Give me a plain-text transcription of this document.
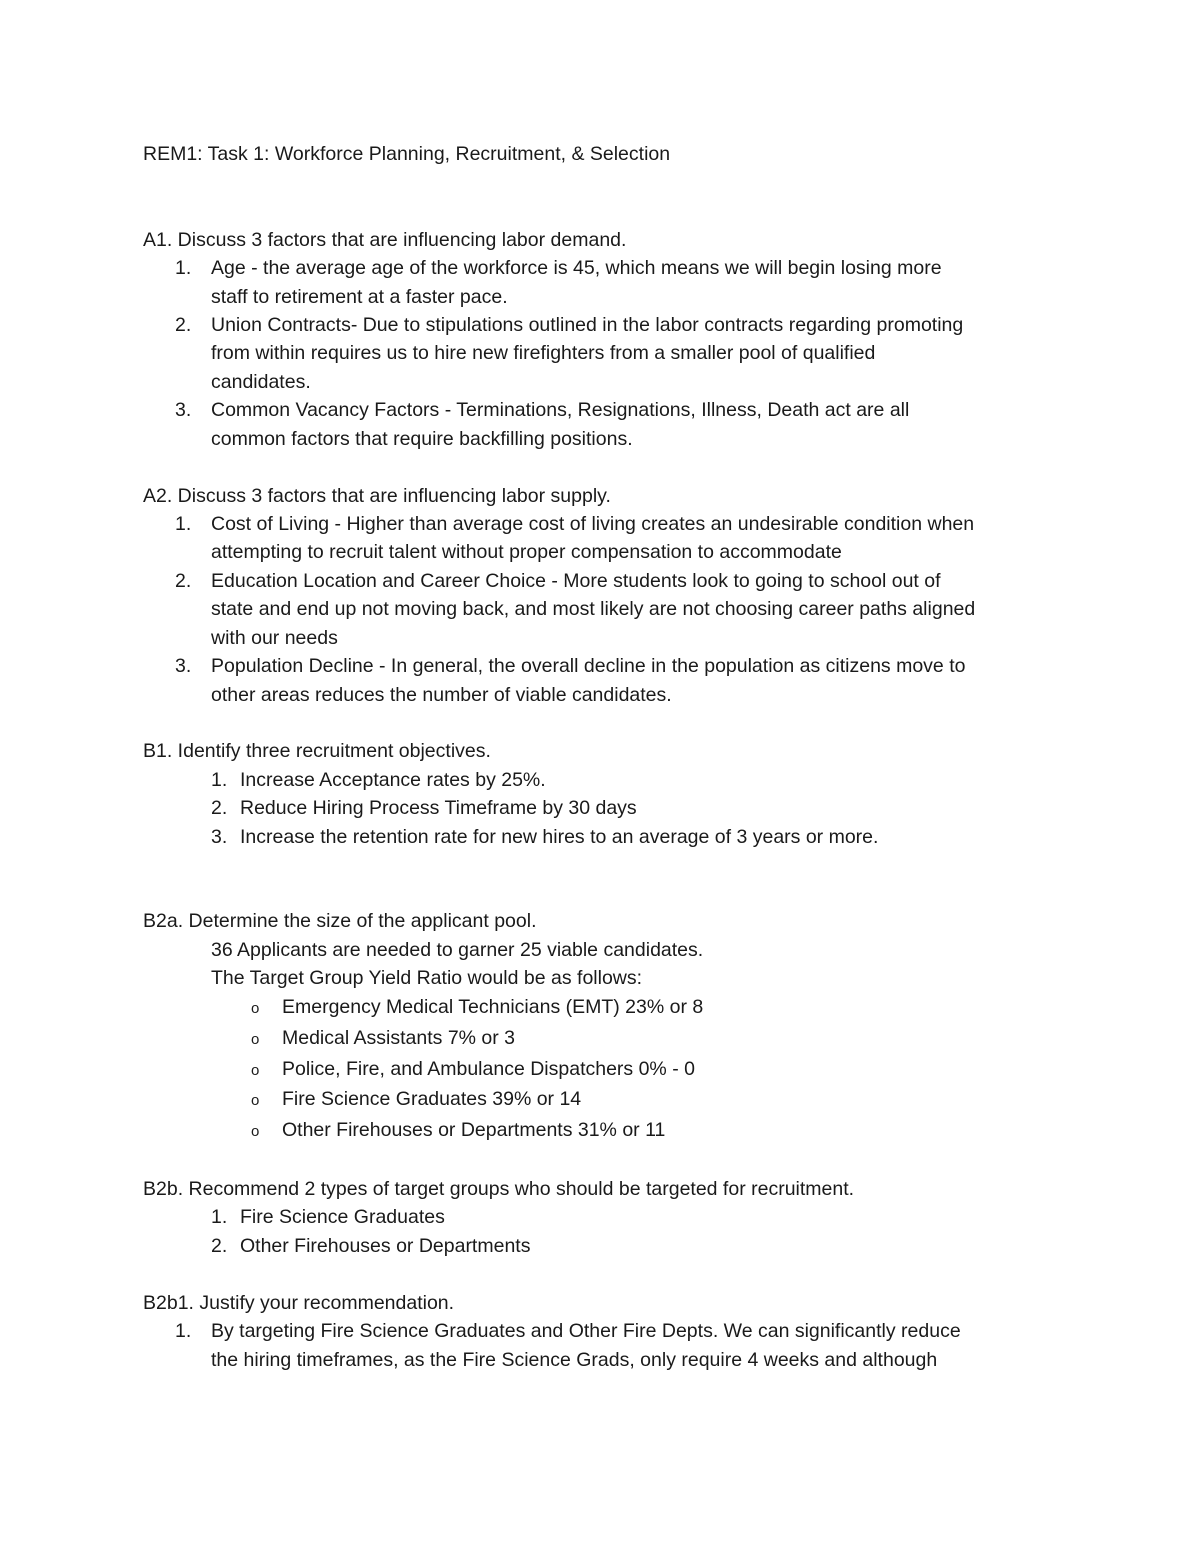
REM1: Task 1: Workforce Planning, Recruitment, & Selection
A1. Discuss 3 factors that are influencing labor demand.
1. Age - the average age of the workforce is 45, which means we will begin losing more
staff to retirement at a faster pace.
2. Union Contracts- Due to stipulations outlined in the labor contracts regarding promoting
from within requires us to hire new firefighters from a smaller pool of qualified
candidates.
3. Common Vacancy Factors - Terminations, Resignations, Illness, Death act are all
common factors that require backfilling positions.
A2. Discuss 3 factors that are influencing labor supply.
1. Cost of Living - Higher than average cost of living creates an undesirable condition when
attempting to recruit talent without proper compensation to accommodate
2. Education Location and Career Choice - More students look to going to school out of
state and end up not moving back, and most likely are not choosing career paths aligned
with our needs
3. Population Decline - In general, the overall decline in the population as citizens move to
other areas reduces the number of viable candidates.
B1. Identify three recruitment objectives.
1. Increase Acceptance rates by 25%.
2. Reduce Hiring Process Timeframe by 30 days
3. Increase the retention rate for new hires to an average of 3 years or more.
B2a. Determine the size of the applicant pool.
36 Applicants are needed to garner 25 viable candidates.
The Target Group Yield Ratio would be as follows:
o Emergency Medical Technicians (EMT) 23% or 8
o Medical Assistants 7% or 3
o Police, Fire, and Ambulance Dispatchers 0% - 0
o Fire Science Graduates 39% or 14
o Other Firehouses or Departments 31% or 11
B2b. Recommend 2 types of target groups who should be targeted for recruitment.
1. Fire Science Graduates
2. Other Firehouses or Departments
B2b1. Justify your recommendation.
1. By targeting Fire Science Graduates and Other Fire Depts. We can significantly reduce
the hiring timeframes, as the Fire Science Grads, only require 4 weeks and although
